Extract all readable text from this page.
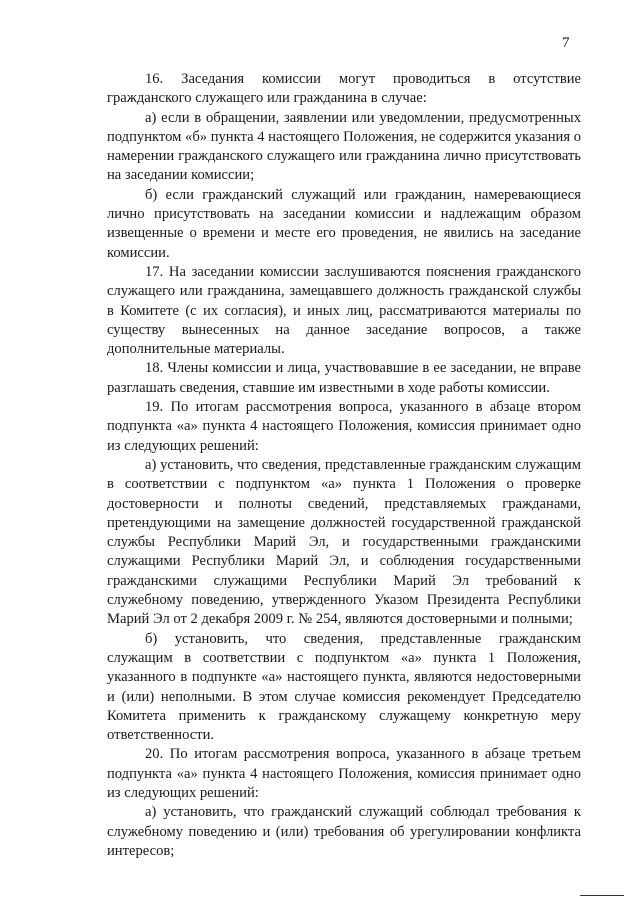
7

16. Заседания комиссии могут проводиться в отсутствие гражданского служащего или гражданина в случае:

а) если в обращении, заявлении или уведомлении, предусмотренных подпунктом «б» пункта 4 настоящего Положения, не содержится указания о намерении гражданского служащего или гражданина лично присутствовать на заседании комиссии;

б) если гражданский служащий или гражданин, намеревающиеся лично присутствовать на заседании комиссии и надлежащим образом извещенные о времени и месте его проведения, не явились на заседание комиссии.

17. На заседании комиссии заслушиваются пояснения гражданского служащего или гражданина, замещавшего должность гражданской службы в Комитете (с их согласия), и иных лиц, рассматриваются материалы по существу вынесенных на данное заседание вопросов, а также дополнительные материалы.

18. Члены комиссии и лица, участвовавшие в ее заседании, не вправе разглашать сведения, ставшие им известными в ходе работы комиссии.

19. По итогам рассмотрения вопроса, указанного в абзаце втором подпункта «а» пункта 4 настоящего Положения, комиссия принимает одно из следующих решений:

а) установить, что сведения, представленные гражданским служащим в соответствии с подпунктом «а» пункта 1 Положения о проверке достоверности и полноты сведений, представляемых гражданами, претендующими на замещение должностей государственной гражданской службы Республики Марий Эл, и государственными гражданскими служащими Республики Марий Эл, и соблюдения государственными гражданскими служащими Республики Марий Эл требований к служебному поведению, утвержденного Указом Президента Республики Марий Эл от 2 декабря 2009 г. № 254, являются достоверными и полными;

б) установить, что сведения, представленные гражданским служащим в соответствии с подпунктом «а» пункта 1 Положения, указанного в подпункте «а» настоящего пункта, являются недостоверными и (или) неполными. В этом случае комиссия рекомендует Председателю Комитета применить к гражданскому служащему конкретную меру ответственности.

20. По итогам рассмотрения вопроса, указанного в абзаце третьем подпункта «а» пункта 4 настоящего Положения, комиссия принимает одно из следующих решений:

а) установить, что гражданский служащий соблюдал требования к служебному поведению и (или) требования об урегулировании конфликта интересов;
